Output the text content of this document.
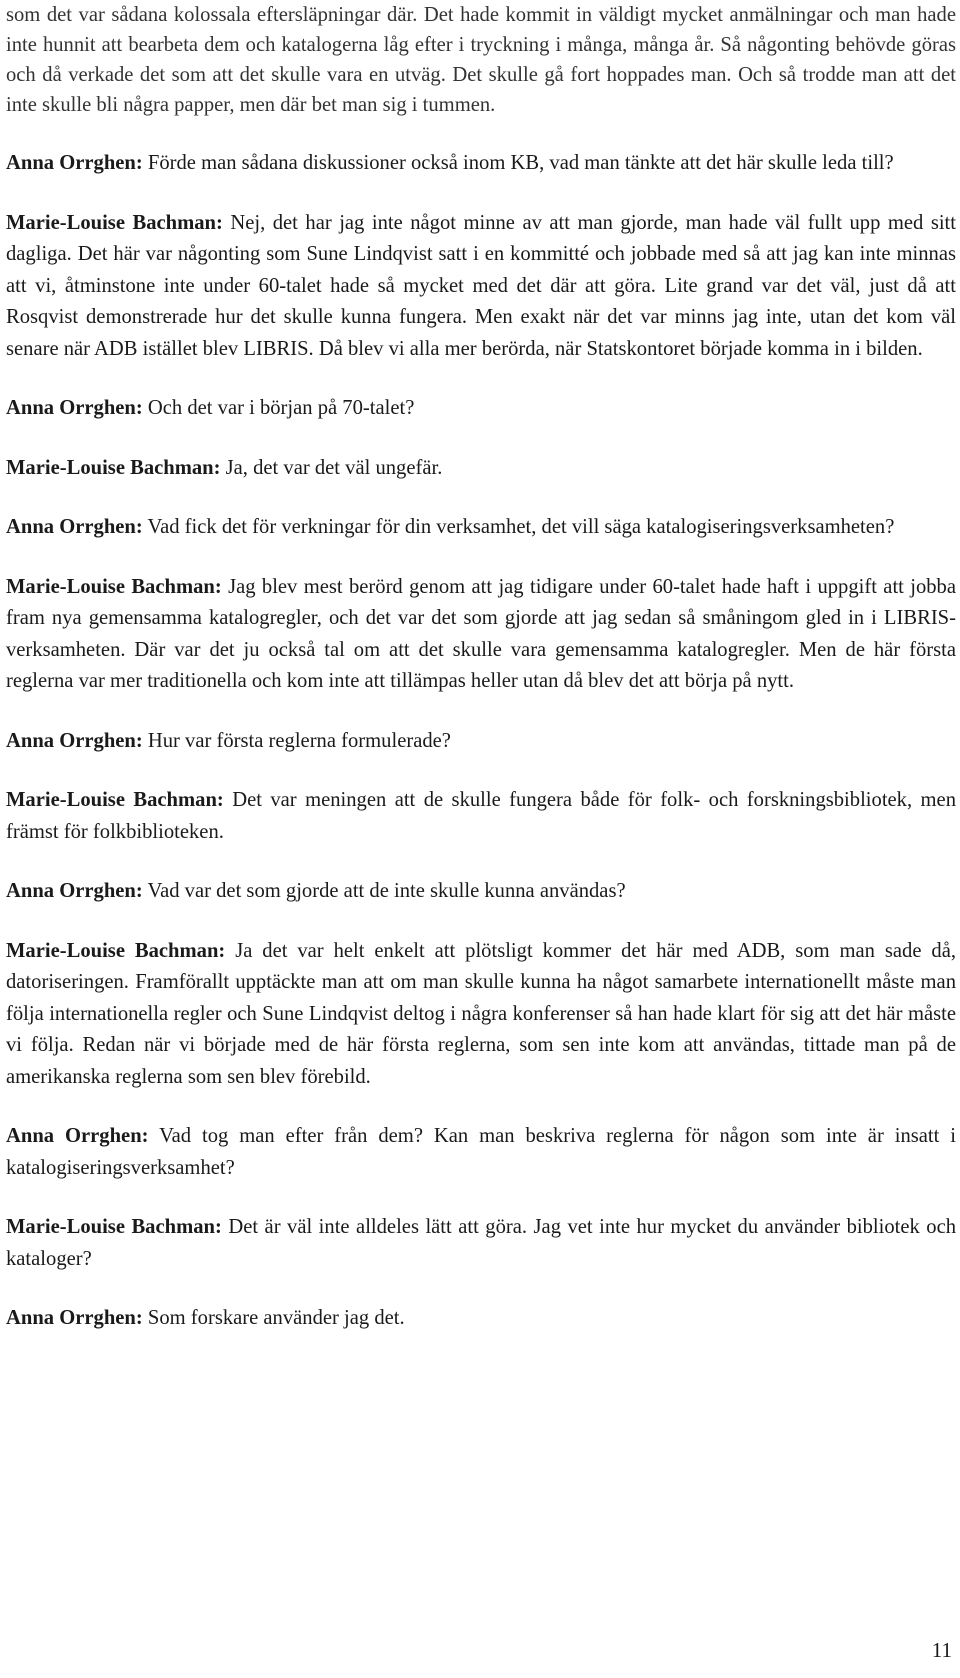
som det var sådana kolossala eftersläpningar där. Det hade kommit in väldigt mycket anmälningar och man hade inte hunnit att bearbeta dem och katalogerna låg efter i tryckning i många, många år. Så någonting behövde göras och då verkade det som att det skulle vara en utväg. Det skulle gå fort hoppades man. Och så trodde man att det inte skulle bli några papper, men där bet man sig i tummen.

Anna Orrghen: Förde man sådana diskussioner också inom KB, vad man tänkte att det här skulle leda till?

Marie-Louise Bachman: Nej, det har jag inte något minne av att man gjorde, man hade väl fullt upp med sitt dagliga. Det här var någonting som Sune Lindqvist satt i en kommitté och jobbade med så att jag kan inte minnas att vi, åtminstone inte under 60-talet hade så mycket med det där att göra. Lite grand var det väl, just då att Rosqvist demonstrerade hur det skulle kunna fungera. Men exakt när det var minns jag inte, utan det kom väl senare när ADB istället blev LIBRIS. Då blev vi alla mer berörda, när Statskontoret började komma in i bilden.

Anna Orrghen: Och det var i början på 70-talet?

Marie-Louise Bachman: Ja, det var det väl ungefär.

Anna Orrghen: Vad fick det för verkningar för din verksamhet, det vill säga katalogiseringsverksamheten?

Marie-Louise Bachman: Jag blev mest berörd genom att jag tidigare under 60-talet hade haft i uppgift att jobba fram nya gemensamma katalogregler, och det var det som gjorde att jag sedan så småningom gled in i LIBRIS-verksamheten. Där var det ju också tal om att det skulle vara gemensamma katalogregler. Men de här första reglerna var mer traditionella och kom inte att tillämpas heller utan då blev det att börja på nytt.

Anna Orrghen: Hur var första reglerna formulerade?

Marie-Louise Bachman: Det var meningen att de skulle fungera både för folk- och forskningsbibliotek, men främst för folkbiblioteken.

Anna Orrghen: Vad var det som gjorde att de inte skulle kunna användas?

Marie-Louise Bachman: Ja det var helt enkelt att plötsligt kommer det här med ADB, som man sade då, datoriseringen. Framförallt upptäckte man att om man skulle kunna ha något samarbete internationellt måste man följa internationella regler och Sune Lindqvist deltog i några konferenser så han hade klart för sig att det här måste vi följa. Redan när vi började med de här första reglerna, som sen inte kom att användas, tittade man på de amerikanska reglerna som sen blev förebild.

Anna Orrghen: Vad tog man efter från dem? Kan man beskriva reglerna för någon som inte är insatt i katalogiseringsverksamhet?

Marie-Louise Bachman: Det är väl inte alldeles lätt att göra. Jag vet inte hur mycket du använder bibliotek och kataloger?

Anna Orrghen: Som forskare använder jag det.

11
